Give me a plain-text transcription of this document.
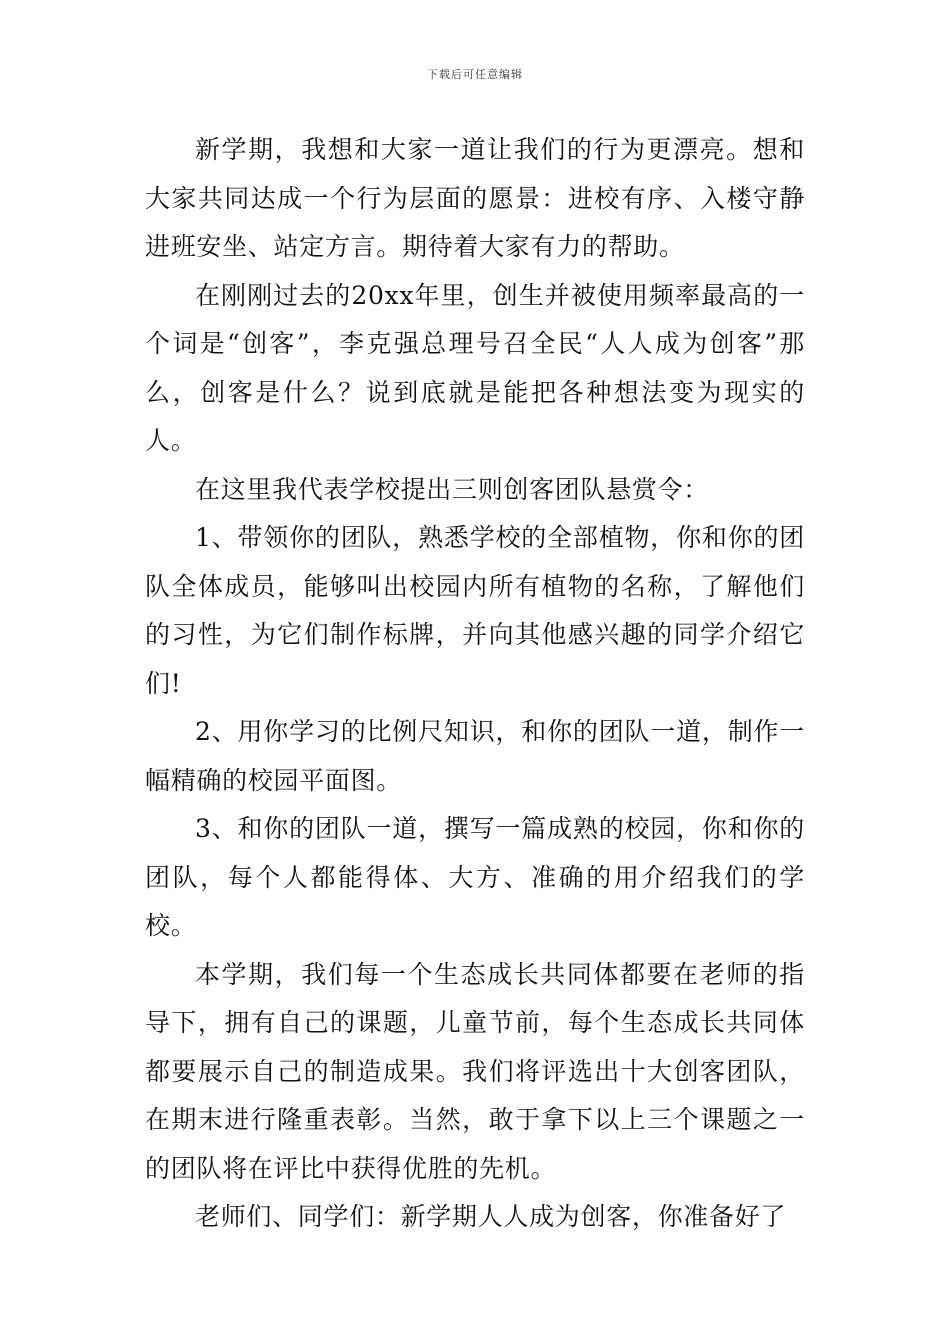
下载后可任意编辑

新学期，我想和大家一道让我们的行为更漂亮。想和大家共同达成一个行为层面的愿景：进校有序、入楼守静进班安坐、站定方言。期待着大家有力的帮助。

在刚刚过去的20xx年里，创生并被使用频率最高的一个词是“创客”，李克强总理号召全民“人人成为创客”那么，创客是什么？说到底就是能把各种想法变为现实的人。

在这里我代表学校提出三则创客团队悬赏令：

1、带领你的团队，熟悉学校的全部植物，你和你的团队全体成员，能够叫出校园内所有植物的名称，了解他们的习性，为它们制作标牌，并向其他感兴趣的同学介绍它们!

2、用你学习的比例尺知识，和你的团队一道，制作一幅精确的校园平面图。

3、和你的团队一道，撰写一篇成熟的校园，你和你的团队，每个人都能得体、大方、准确的用介绍我们的学校。

本学期，我们每一个生态成长共同体都要在老师的指导下，拥有自己的课题，儿童节前，每个生态成长共同体都要展示自己的制造成果。我们将评选出十大创客团队，在期末进行隆重表彰。当然，敢于拿下以上三个课题之一的团队将在评比中获得优胜的先机。

老师们、同学们：新学期人人成为创客，你准备好了
